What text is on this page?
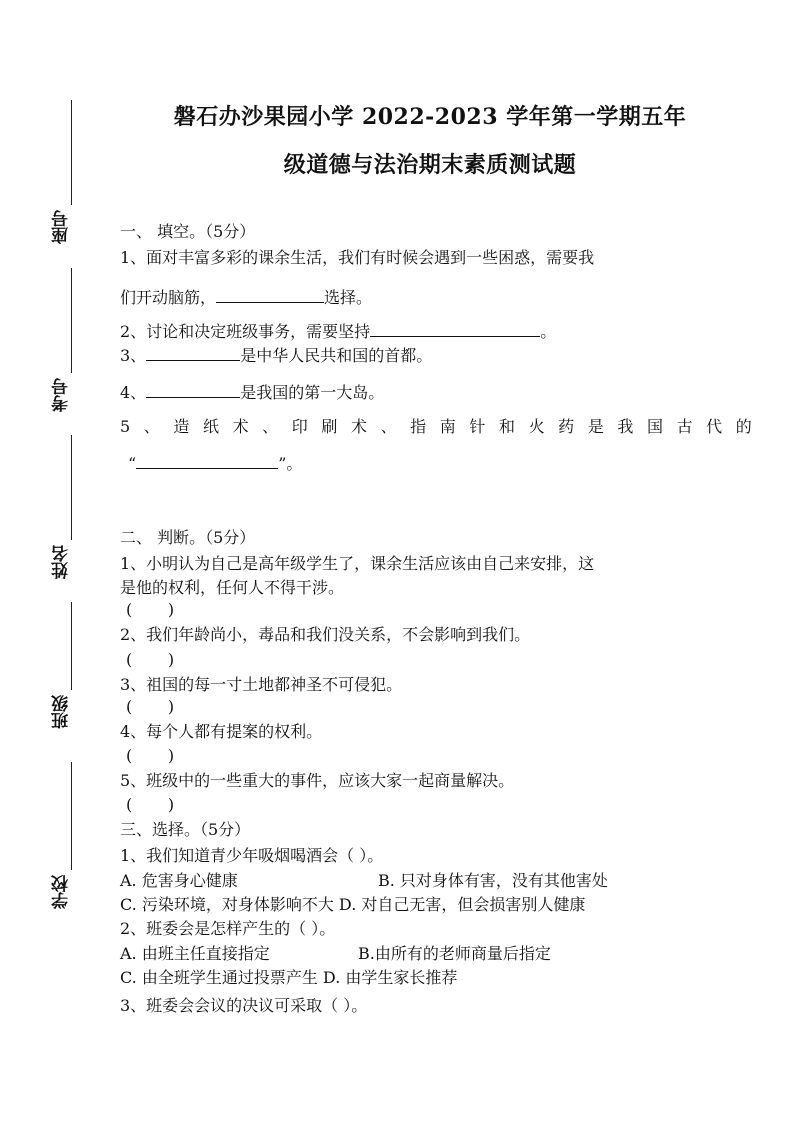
座号
考号
姓名
班级
学校
磐石办沙果园小学 2022-2023 学年第一学期五年
级道德与法治期末素质测试题
一、 填空。（5分）
1、面对丰富多彩的课余生活，我们有时候会遇到一些困惑，需要我
们开动脑筋，	选择。
2、讨论和决定班级事务，需要坚持	。
3、	是中华人民共和国的首都。
4、	是我国的第一大岛。
5、造纸术、印刷术、指南针和火药是我国古代的
“	”。
二、 判断。（5分）
1、小明认为自己是高年级学生了，课余生活应该由自己来安排，这
是他的权利，任何人不得干涉。
(       )
2、我们年龄尚小，毒品和我们没关系，不会影响到我们。
(       )
3、祖国的每一寸土地都神圣不可侵犯。
(       )
4、每个人都有提案的权利。
(       )
5、班级中的一些重大的事件，应该大家一起商量解决。
(       )
三、选择。（5分）
1、我们知道青少年吸烟喝酒会（ ）。
A. 危害身心健康	B. 只对身体有害，没有其他害处
C. 污染环境，对身体影响不大 D. 对自己无害，但会损害别人健康
2、班委会是怎样产生的（ ）。
A. 由班主任直接指定	B.由所有的老师商量后指定
C. 由全班学生通过投票产生 D. 由学生家长推荐
3、班委会会议的决议可采取（ ）。
